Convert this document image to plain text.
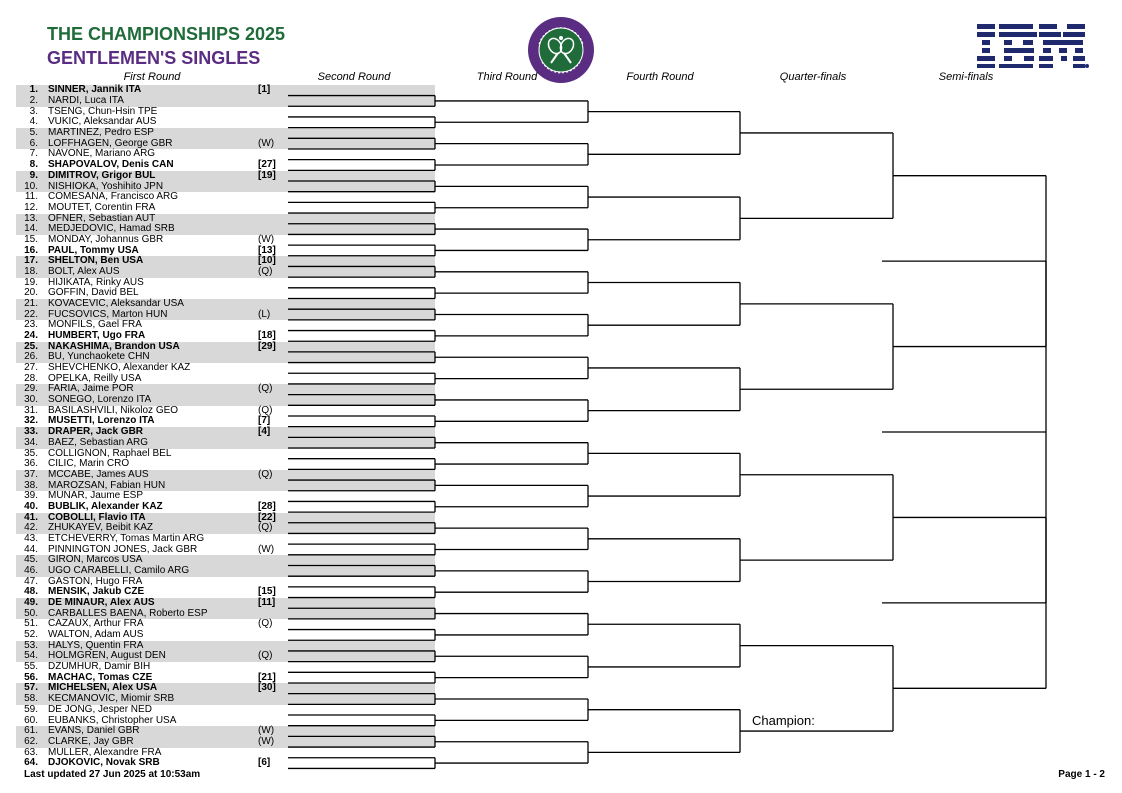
THE CHAMPIONSHIPS 2025
GENTLEMEN'S SINGLES
First Round	Second Round	Third Round	Fourth Round	Quarter-finals	Semi-finals
1. SINNER, Jannik ITA	[1]
2. NARDI, Luca ITA
3. TSENG, Chun-Hsin TPE
4. VUKIC, Aleksandar AUS
5. MARTINEZ, Pedro ESP
6. LOFFHAGEN, George GBR	(W)
7. NAVONE, Mariano ARG
8. SHAPOVALOV, Denis CAN	[27]
9. DIMITROV, Grigor BUL	[19]
10. NISHIOKA, Yoshihito JPN
11. COMESANA, Francisco ARG
12. MOUTET, Corentin FRA
13. OFNER, Sebastian AUT
14. MEDJEDOVIC, Hamad SRB
15. MONDAY, Johannus GBR	(W)
16. PAUL, Tommy USA	[13]
17. SHELTON, Ben USA	[10]
18. BOLT, Alex AUS	(Q)
19. HIJIKATA, Rinky AUS
20. GOFFIN, David BEL
21. KOVACEVIC, Aleksandar USA
22. FUCSOVICS, Marton HUN	(L)
23. MONFILS, Gael FRA
24. HUMBERT, Ugo FRA	[18]
25. NAKASHIMA, Brandon USA	[29]
26. BU, Yunchaokete CHN
27. SHEVCHENKO, Alexander KAZ
28. OPELKA, Reilly USA
29. FARIA, Jaime POR	(Q)
30. SONEGO, Lorenzo ITA
31. BASILASHVILI, Nikoloz GEO	(Q)
32. MUSETTI, Lorenzo ITA	[7]
33. DRAPER, Jack GBR	[4]
34. BAEZ, Sebastian ARG
35. COLLIGNON, Raphael BEL
36. CILIC, Marin CRO
37. MCCABE, James AUS	(Q)
38. MAROZSAN, Fabian HUN
39. MUNAR, Jaume ESP
40. BUBLIK, Alexander KAZ	[28]
41. COBOLLI, Flavio ITA	[22]
42. ZHUKAYEV, Beibit KAZ	(Q)
43. ETCHEVERRY, Tomas Martin ARG
44. PINNINGTON JONES, Jack GBR	(W)
45. GIRON, Marcos USA
46. UGO CARABELLI, Camilo ARG
47. GASTON, Hugo FRA
48. MENSIK, Jakub CZE	[15]
49. DE MINAUR, Alex AUS	[11]
50. CARBALLES BAENA, Roberto ESP
51. CAZAUX, Arthur FRA	(Q)
52. WALTON, Adam AUS
53. HALYS, Quentin FRA
54. HOLMGREN, August DEN	(Q)
55. DZUMHUR, Damir BIH
56. MACHAC, Tomas CZE	[21]
57. MICHELSEN, Alex USA	[30]
58. KECMANOVIC, Miomir SRB
59. DE JONG, Jesper NED
60. EUBANKS, Christopher USA
61. EVANS, Daniel GBR	(W)
62. CLARKE, Jay GBR	(W)
63. MULLER, Alexandre FRA
64. DJOKOVIC, Novak SRB	[6]
Champion:
Last updated 27 Jun 2025 at 10:53am	Page 1 - 2
